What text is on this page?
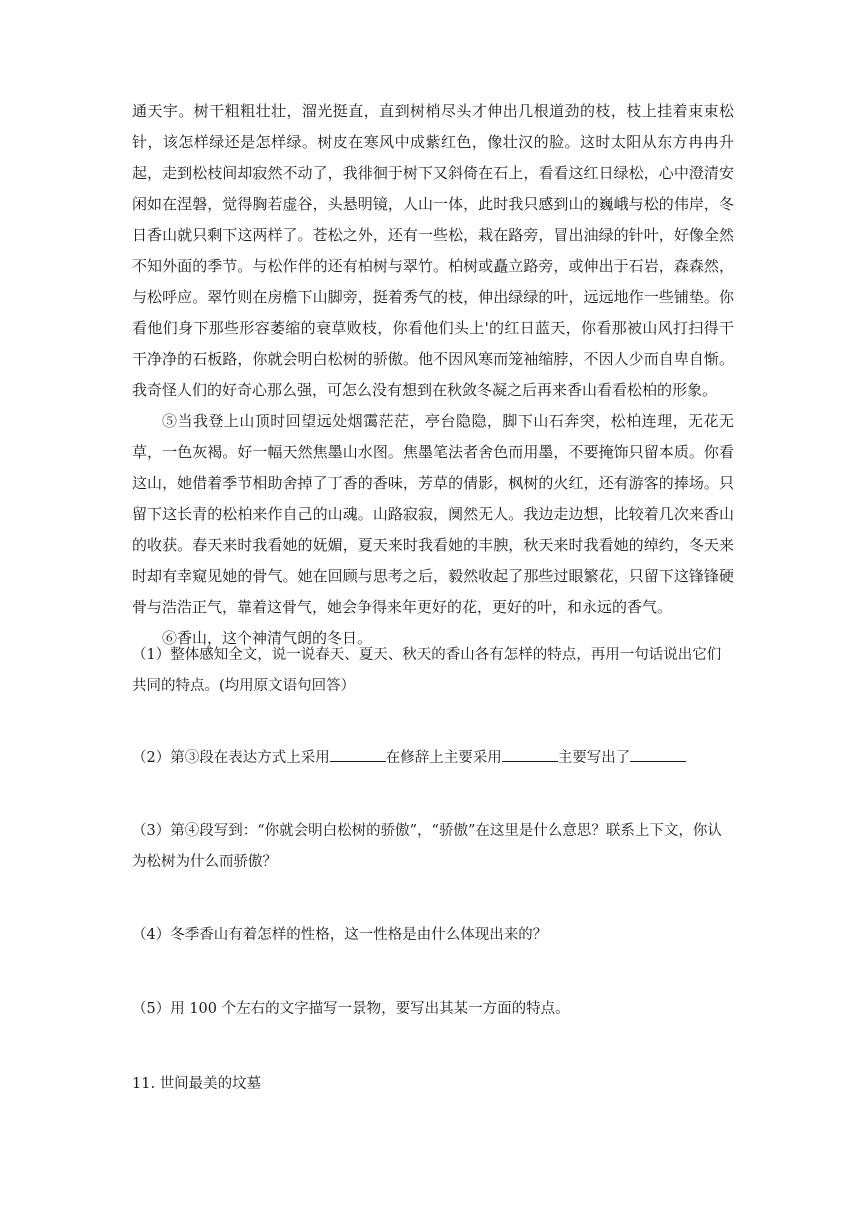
通天宇。树干粗粗壮壮，溜光挺直，直到树梢尽头才伸出几根道劲的枝，枝上挂着束束松针，该怎样绿还是怎样绿。树皮在寒风中成紫红色，像壮汉的脸。这时太阳从东方冉冉升起，走到松枝间却寂然不动了，我徘徊于树下又斜倚在石上，看看这红日绿松，心中澄清安闲如在涅磐，觉得胸若虚谷，头悬明镜，人山一体，此时我只感到山的巍峨与松的伟岸，冬日香山就只剩下这两样了。苍松之外，还有一些松，栽在路旁，冒出油绿的针叶，好像全然不知外面的季节。与松作伴的还有柏树与翠竹。柏树或矗立路旁，或伸出于石岩，森森然，与松呼应。翠竹则在房檐下山脚旁，挺着秀气的枝，伸出绿绿的叶，远远地作一些铺垫。你看他们身下那些形容萎缩的衰草败枝，你看他们头上'的红日蓝天，你看那被山风打扫得干干净净的石板路，你就会明白松树的骄傲。他不因风寒而笼袖缩脖，不因人少而自卑自惭。我奇怪人们的好奇心那么强，可怎么没有想到在秋敛冬凝之后再来香山看看松柏的形象。

⑤当我登上山顶时回望远处烟霭茫茫，亭台隐隐，脚下山石奔突，松柏连理，无花无草，一色灰褐。好一幅天然焦墨山水图。焦墨笔法者舍色而用墨，不要掩饰只留本质。你看这山，她借着季节相助舍掉了丁香的香味，芳草的倩影，枫树的火红，还有游客的捧场。只留下这长青的松柏来作自己的山魂。山路寂寂，阒然无人。我边走边想，比较着几次来香山的收获。春天来时我看她的妩媚，夏天来时我看她的丰腴，秋天来时我看她的绰约，冬天来时却有幸窥见她的骨气。她在回顾与思考之后，毅然收起了那些过眼繁花，只留下这锋锋硬骨与浩浩正气，靠着这骨气，她会争得来年更好的花，更好的叶，和永远的香气。

⑥香山，这个神清气朗的冬日。

（1）整体感知全文，说一说春天、夏天、秋天的香山各有怎样的特点，再用一句话说出它们共同的特点。(均用原文语句回答）
（2）第③段在表达方式上采用	在修辞上主要采用	主要写出了
（3）第④段写到：“你就会明白松树的骄傲”，“骄傲”在这里是什么意思？联系上下文，你认为松树为什么而骄傲？
（4）冬季香山有着怎样的性格，这一性格是由什么体现出来的？
（5）用 100 个左右的文字描写一景物，要写出其某一方面的特点。
11. 世间最美的坟墓
